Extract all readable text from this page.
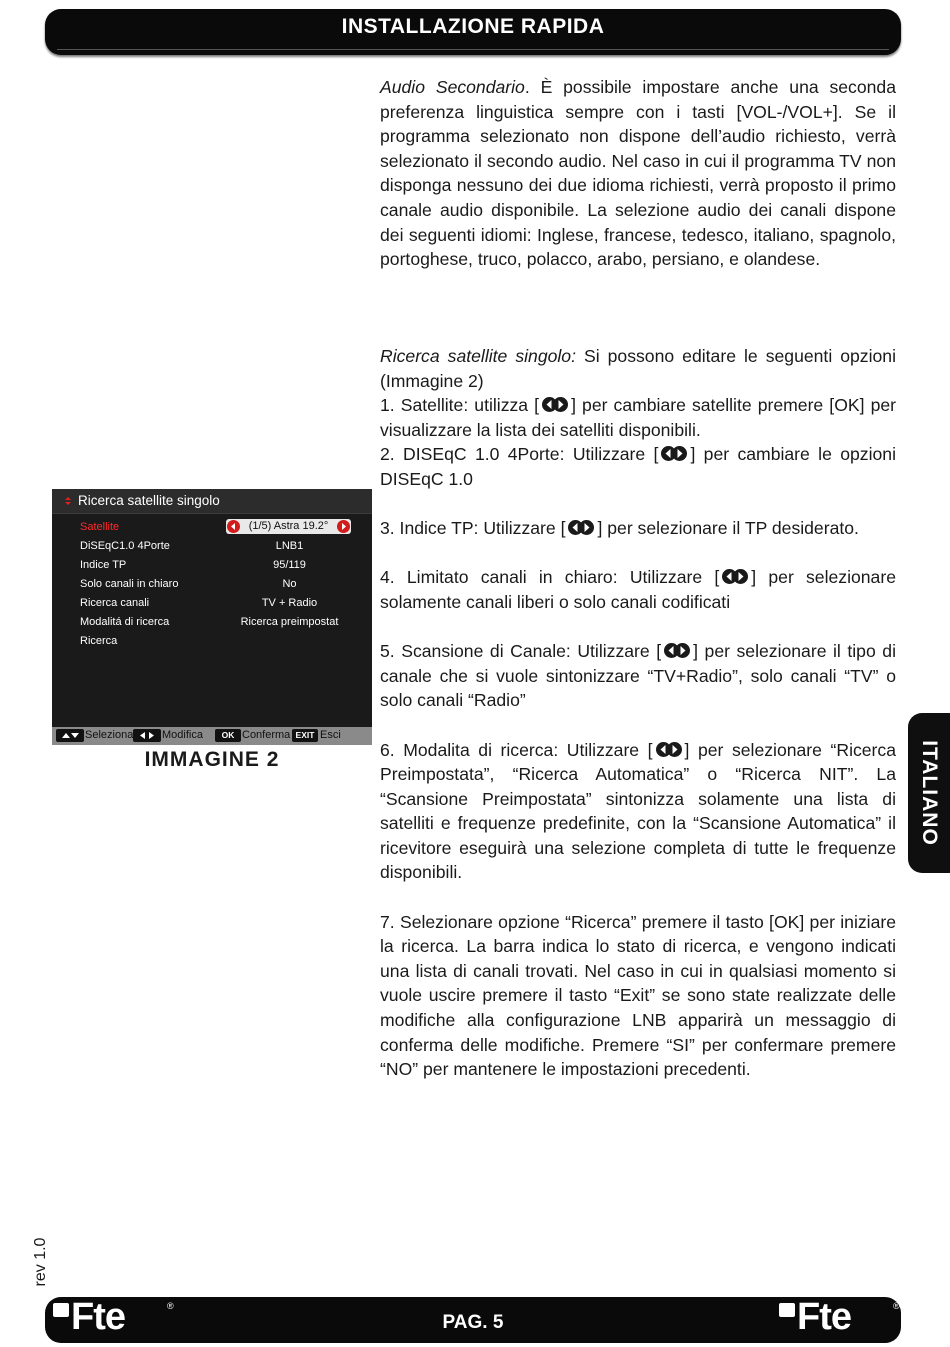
INSTALLAZIONE RAPIDA

Audio Secondario. È possibile impostare anche una seconda preferenza linguistica sempre con i tasti [VOL-/VOL+]. Se il programma selezionato non dispone dell’audio richiesto, verrà selezionato il secondo audio. Nel caso in cui il programma TV non disponga nessuno dei due idioma richiesti, verrà proposto il primo canale audio disponibile. La selezione audio dei canali dispone dei seguenti idiomi: Inglese, francese, tedesco, italiano, spagnolo, portoghese, truco, polacco, arabo, persiano, e olandese.

Ricerca satellite singolo: Si possono editare le seguenti opzioni (Immagine 2)

1. Satellite: utilizza [ ] per cambiare satellite premere [OK] per visualizzare la lista dei satelliti disponibili.

2. DISEqC 1.0 4Porte: Utilizzare [ ] per cambiare le opzioni DISEqC 1.0

3. Indice TP: Utilizzare [ ] per selezionare il TP desiderato.

4. Limitato canali in chiaro: Utilizzare [ ] per selezionare solamente canali liberi o solo canali codificati

5. Scansione di Canale: Utilizzare [ ] per selezionare il tipo di canale che si vuole sintonizzare “TV+Radio”, solo canali “TV” o solo canali “Radio”

6. Modalita di ricerca: Utilizzare [ ] per selezionare “Ricerca Preimpostata”, “Ricerca Automatica” o “Ricerca NIT”. La “Scansione Preimpostata” sintonizza solamente una lista di satelliti e frequenze predefinite, con la “Scansione Automatica” il ricevitore eseguirà una selezione completa di tutte le frequenze disponibili.

7. Selezionare opzione “Ricerca” premere il tasto [OK] per iniziare la ricerca. La barra indica lo stato di ricerca, e vengono indicati una lista di canali trovati. Nel caso in cui in qualsiasi momento si vuole uscire premere il tasto “Exit” se sono state realizzate delle modifiche alla configurazione LNB apparirà un messaggio di conferma delle modifiche. Premere “SI” per confermare premere “NO” per mantenere le impostazioni precedenti.

Ricerca satellite singolo
Satellite	(1/5) Astra 19.2°
DiSEqC1.0 4Porte	LNB1
Indice TP	95/119
Solo canali in chiaro	No
Ricerca canali	TV + Radio
Modalitá di ricerca	Ricerca preimpostat
Ricerca
Seleziona	Modifica	OK Conferma EXIT Esci
IMMAGINE 2	ITALIANO
rev 1.0
Fte	®
PAG. 5	Fte	®
